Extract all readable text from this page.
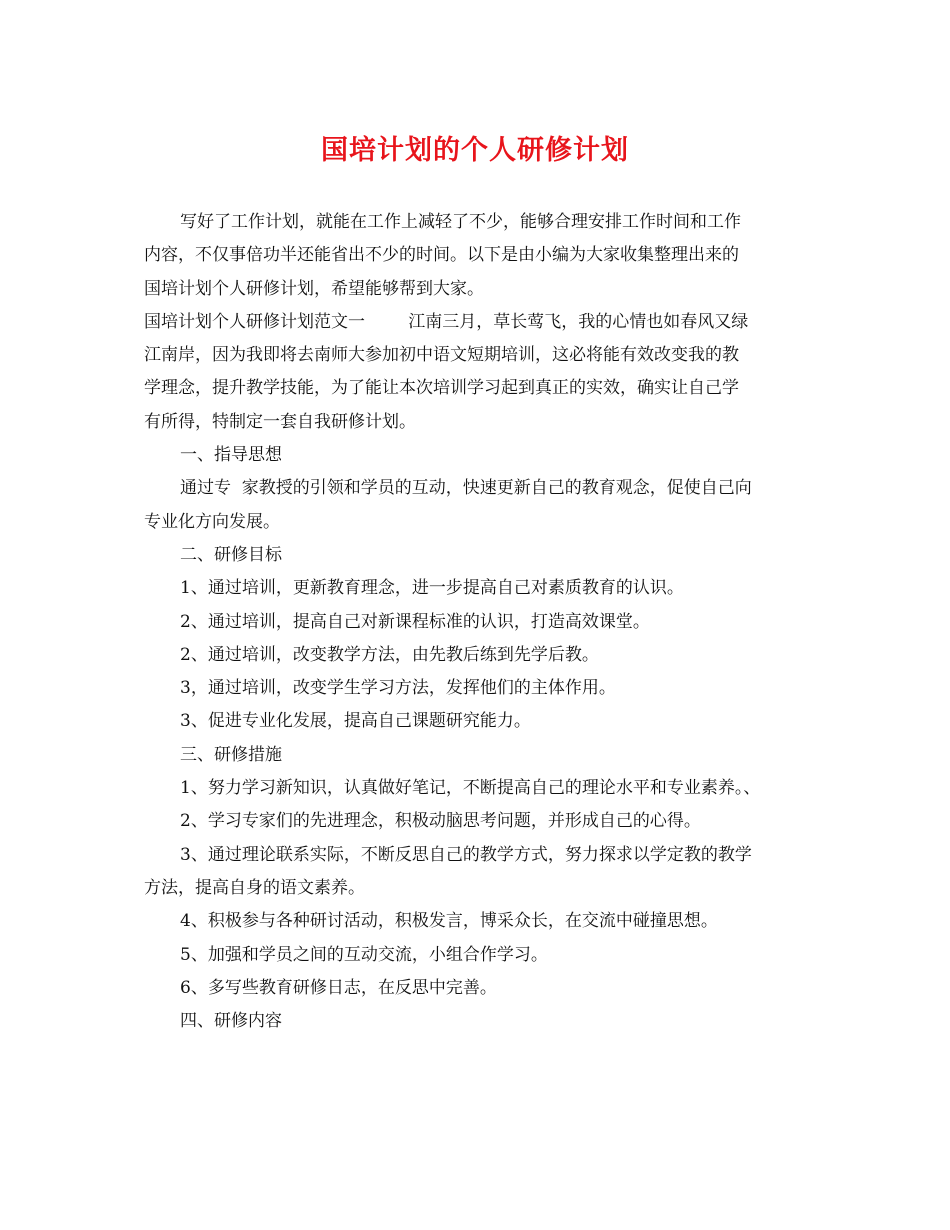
国培计划的个人研修计划
写好了工作计划，就能在工作上减轻了不少，能够合理安排工作时间和工作
内容，不仅事倍功半还能省出不少的时间。以下是由小编为大家收集整理出来的
国培计划个人研修计划，希望能够帮到大家。
国培计划个人研修计划范文一        江南三月，草长莺飞，我的心情也如春风又绿
江南岸，因为我即将去南师大参加初中语文短期培训，这必将能有效改变我的教
学理念，提升教学技能，为了能让本次培训学习起到真正的实效，确实让自己学
有所得，特制定一套自我研修计划。
一、指导思想
通过专  家教授的引领和学员的互动，快速更新自己的教育观念，促使自己向
专业化方向发展。
二、研修目标
1、通过培训，更新教育理念，进一步提高自己对素质教育的认识。
2、通过培训，提高自己对新课程标准的认识，打造高效课堂。
2、通过培训，改变教学方法，由先教后练到先学后教。
3，通过培训，改变学生学习方法，发挥他们的主体作用。
3、促进专业化发展，提高自己课题研究能力。
三、研修措施
1、努力学习新知识，认真做好笔记，不断提高自己的理论水平和专业素养。、
2、学习专家们的先进理念，积极动脑思考问题，并形成自己的心得。
3、通过理论联系实际，不断反思自己的教学方式，努力探求以学定教的教学
方法，提高自身的语文素养。
4、积极参与各种研讨活动，积极发言，博采众长，在交流中碰撞思想。
5、加强和学员之间的互动交流，小组合作学习。
6、多写些教育研修日志，在反思中完善。
四、研修内容
